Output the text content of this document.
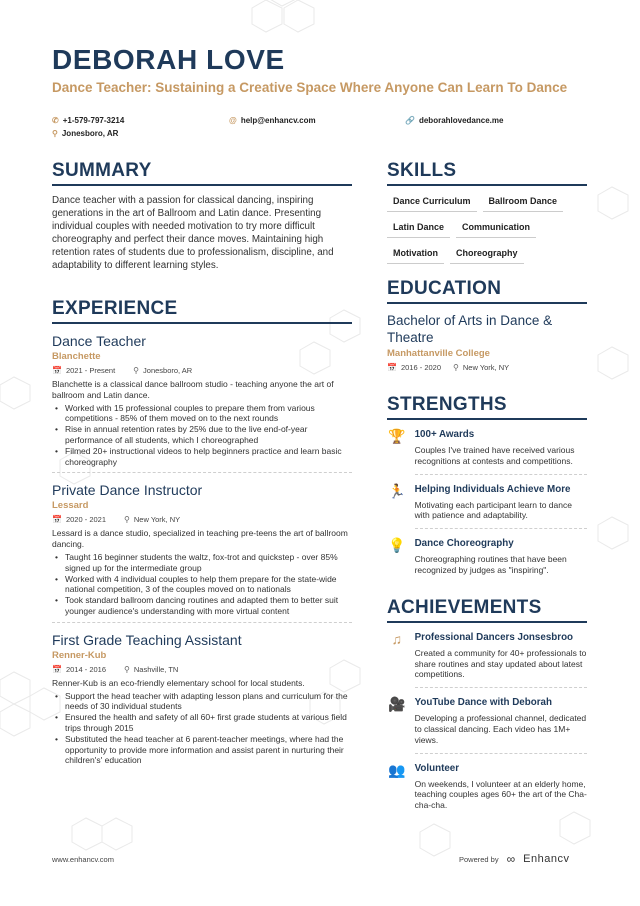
DEBORAH LOVE
Dance Teacher: Sustaining a Creative Space Where Anyone Can Learn To Dance
✆ +1-579-797-3214	@ help@enhancv.com	🔗 deborahlovedance.me
⚲ Jonesboro, AR
SUMMARY
Dance teacher with a passion for classical dancing, inspiring generations in the art of Ballroom and Latin dance. Presenting individual couples with needed motivation to try more difficult choreography and perfect their dance moves. Maintaining high retention rates of students due to professionalism, discipline, and adaptability to different learning styles.
EXPERIENCE
Dance Teacher
Blanchette
📅 2021 - Present ⚲ Jonesboro, AR
Blanchette is a classical dance ballroom studio - teaching anyone the art of ballroom and Latin dance.
• Worked with 15 professional couples to prepare them from various competitions - 85% of them moved on to the next rounds
• Rise in annual retention rates by 25% due to the live end-of-year performance of all students, which I choreographed
• Filmed 20+ instructional videos to help beginners practice and learn basic choreography
Private Dance Instructor
Lessard
📅 2020 - 2021 ⚲ New York, NY
Lessard is a dance studio, specialized in teaching pre-teens the art of ballroom dancing.
• Taught 16 beginner students the waltz, fox-trot and quickstep - over 85% signed up for the intermediate group
• Worked with 4 individual couples to help them prepare for the state-wide national competition, 3 of the couples moved on to nationals
• Took standard ballroom dancing routines and adapted them to better suit younger audience's understanding with more virtual content
First Grade Teaching Assistant
Renner-Kub
📅 2014 - 2016 ⚲ Nashville, TN
Renner-Kub is an eco-friendly elementary school for local students.
• Support the head teacher with adapting lesson plans and curriculum for the needs of 30 individual students
• Ensured the health and safety of all 60+ first grade students at various field trips through 2015
• Substituted the head teacher at 6 parent-teacher meetings, where had the opportunity to provide more information and assist parent in nurturing their children's' education
SKILLS
Dance Curriculum	Ballroom Dance
Latin Dance	Communication
Motivation	Choreography
EDUCATION
Bachelor of Arts in Dance & Theatre
Manhattanville College
📅 2016 - 2020 ⚲ New York, NY
STRENGTHS
🏆 100+ Awards
Couples I've trained have received various recognitions at contests and competitions.
🏃 Helping Individuals Achieve More
Motivating each participant learn to dance with patience and adaptability.
💡 Dance Choreography
Choreographing routines that have been recognized by judges as "inspiring".
ACHIEVEMENTS
♫	Professional Dancers Jonsesbroo
Created a community for 40+ professionals to share routines and stay updated about latest competitions.
🎥 YouTube Dance with Deborah
Developing a professional channel, dedicated to classical dancing. Each video has 1M+ views.
👥 Volunteer
On weekends, I volunteer at an elderly home, teaching couples ages 60+ the art of the Cha-cha-cha.
www.enhancv.com	Powered by ∞ Enhancv
